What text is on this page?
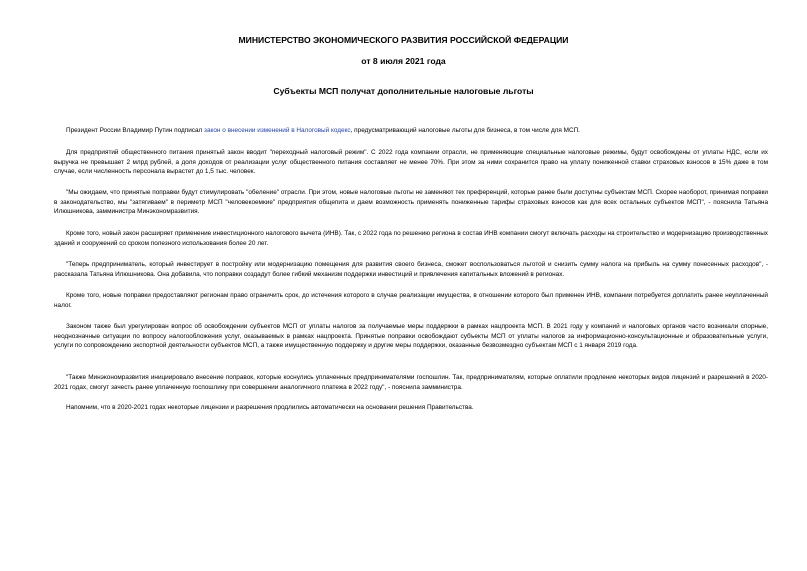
МИНИСТЕРСТВО ЭКОНОМИЧЕСКОГО РАЗВИТИЯ РОССИЙСКОЙ ФЕДЕРАЦИИ
от 8 июля 2021 года
Субъекты МСП получат дополнительные налоговые льготы

Президент России Владимир Путин подписал закон о внесении изменений в Налоговый кодекс, предусматривающий налоговые льготы для бизнеса, в том числе для МСП.

Для предприятий общественного питания принятый закон вводит "переходный налоговый режим". С 2022 года компании отрасли, не применяющие специальные налоговые режимы, будут освобождены от уплаты НДС, если их выручка не превышает 2 млрд рублей, а доля доходов от реализации услуг общественного питания составляет не менее 70%. При этом за ними сохранится право на уплату пониженной ставки страховых взносов в 15% даже в том случае, если численность персонала вырастет до 1,5 тыс. человек.

"Мы ожидаем, что принятые поправки будут стимулировать "обеление" отрасли. При этом, новые налоговые льготы не заменяют тех преференций, которые ранее были доступны субъектам МСП. Скорее наоборот, принимая поправки в законодательство, мы "затягиваем" в периметр МСП "человекоемкие" предприятия общепита и даем возможность применять пониженные тарифы страховых взносов как для всех остальных субъектов МСП", - пояснила Татьяна Илюшникова, замминистра Минэкономразвития.

Кроме того, новый закон расширяет применение инвестиционного налогового вычета (ИНВ). Так, с 2022 года по решению региона в состав ИНВ компании смогут включать расходы на строительство и модернизацию производственных зданий и сооружений со сроком полезного использования более 20 лет.

"Теперь предприниматель, который инвестирует в постройку или модернизацию помещения для развития своего бизнеса, сможет воспользоваться льготой и снизить сумму налога на прибыль на сумму понесенных расходов", - рассказала Татьяна Илюшникова. Она добавила, что поправки создадут более гибкий механизм поддержки инвестиций и привлечения капитальных вложений в регионах.

Кроме того, новые поправки предоставляют регионам право ограничить срок, до истечения которого в случае реализации имущества, в отношении которого был применен ИНВ, компании потребуется доплатить ранее неуплаченный налог.

Законом также был урегулирован вопрос об освобождении субъектов МСП от уплаты налогов за получаемые меры поддержки в рамках нацпроекта МСП. В 2021 году у компаний и налоговых органов часто возникали спорные, неоднозначные ситуации по вопросу налогообложения услуг, оказываемых в рамках нацпроекта. Принятые поправки освобождают субъекты МСП от уплаты налогов за информационно-консультационные и образовательные услуги, услуги по сопровождению экспортной деятельности субъектов МСП, а также имущественную поддержку и другие меры поддержки, оказанные безвозмездно субъектам МСП с 1 января 2019 года.

"Также Минэкономразвития инициировало внесение поправок, которые коснулись уплаченных предпринимателями госпошлин. Так, предпринимателям, которые оплатили продление некоторых видов лицензий и разрешений в 2020-2021 годах, смогут зачесть ранее уплаченную госпошлину при совершении аналогичного платежа в 2022 году", - пояснила замминистра.

Напомним, что в 2020-2021 годах некоторые лицензии и разрешения продлились автоматически на основании решения Правительства.
